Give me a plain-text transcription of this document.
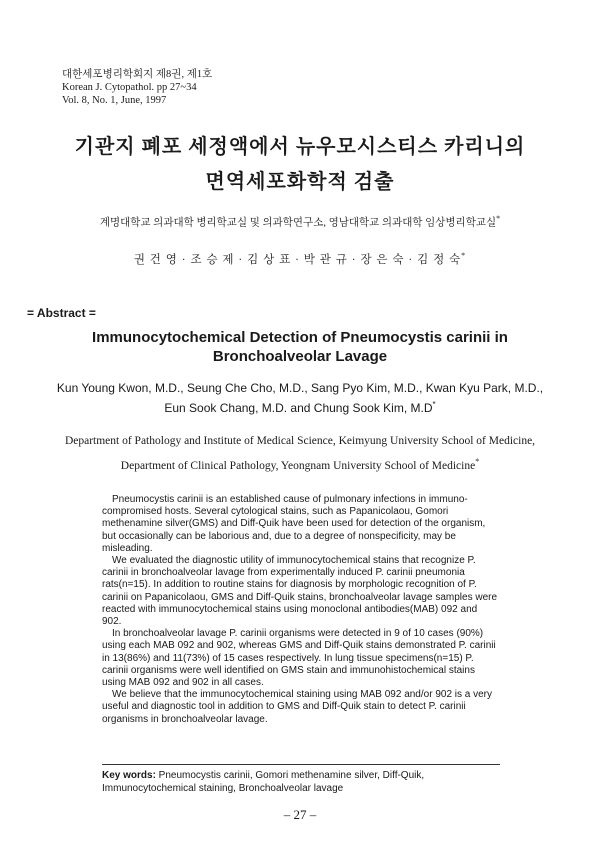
대한세포병리학회지 제8권, 제1호
Korean J. Cytopathol. pp 27~34
Vol. 8, No. 1, June, 1997
기관지 폐포 세정액에서 뉴우모시스티스 카리니의
면역세포화학적 검출
계명대학교 의과대학 병리학교실 및 의과학연구소, 영남대학교 의과대학 임상병리학교실*
권 건 영 · 조 승 제 · 김 상 표 · 박 관 규 · 장 은 숙 · 김 정 숙*
= Abstract =
Immunocytochemical Detection of Pneumocystis carinii in
Bronchoalveolar Lavage
Kun Young Kwon, M.D., Seung Che Cho, M.D., Sang Pyo Kim, M.D., Kwan Kyu Park, M.D.,
Eun Sook Chang, M.D. and Chung Sook Kim, M.D*
Department of Pathology and Institute of Medical Science, Keimyung University School of Medicine,
Department of Clinical Pathology, Yeongnam University School of Medicine*

Pneumocystis carinii is an established cause of pulmonary infections in immuno-compromised hosts. Several cytological stains, such as Papanicolaou, Gomori methenamine silver(GMS) and Diff-Quik have been used for detection of the organism, but occasionally can be laborious and, due to a degree of nonspecificity, may be misleading.

We evaluated the diagnostic utility of immunocytochemical stains that recognize P. carinii in bronchoalveolar lavage from experimentally induced P. carinii pneumonia rats(n=15). In addition to routine stains for diagnosis by morphologic recognition of P. carinii on Papanicolaou, GMS and Diff-Quik stains, bronchoalveolar lavage samples were reacted with immunocytochemical stains using monoclonal antibodies(MAB) 092 and 902.

In bronchoalveolar lavage P. carinii organisms were detected in 9 of 10 cases (90%) using each MAB 092 and 902, whereas GMS and Diff-Quik stains demonstrated P. carinii in 13(86%) and 11(73%) of 15 cases respectively. In lung tissue specimens(n=15) P. carinii organisms were well identified on GMS stain and immunohistochemical stains using MAB 092 and 902 in all cases.

We believe that the immunocytochemical staining using MAB 092 and/or 902 is a very useful and diagnostic tool in addition to GMS and Diff-Quik stain to detect P. carinii organisms in bronchoalveolar lavage.

Key words: Pneumocystis carinii, Gomori methenamine silver, Diff-Quik, Immunocytochemical staining, Bronchoalveolar lavage
– 27 –
